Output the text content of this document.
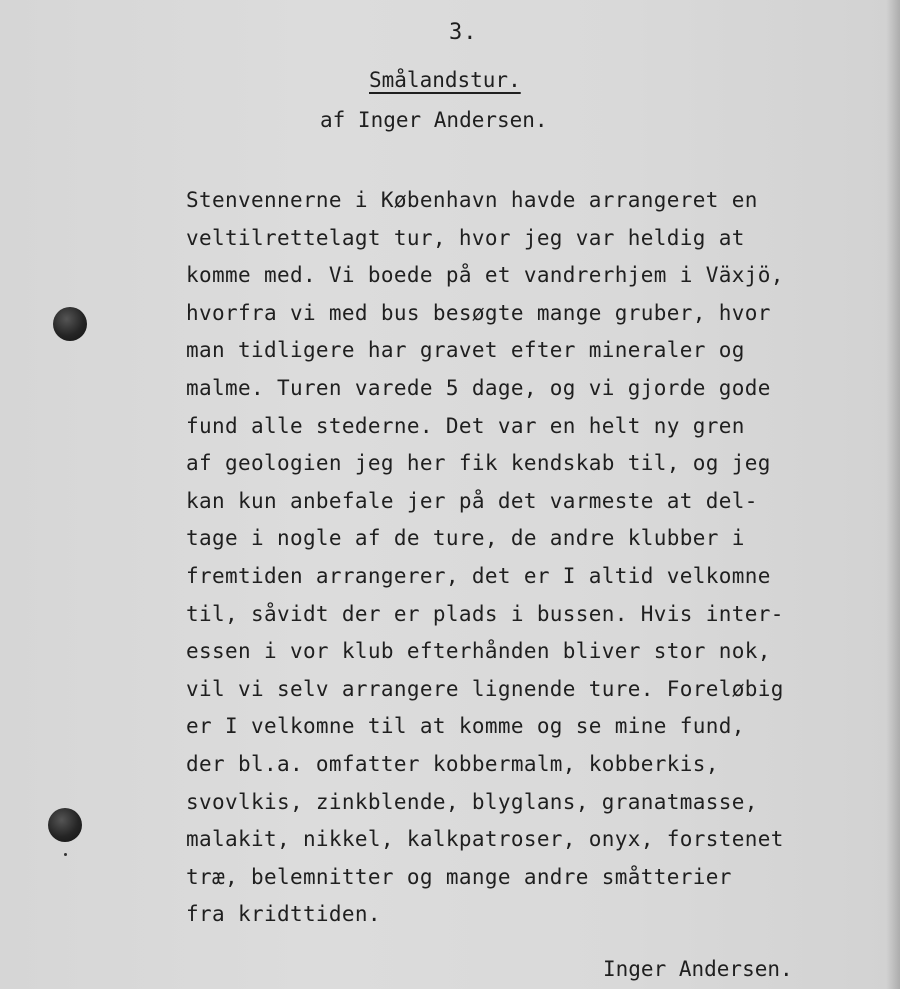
3.
Smålandstur.
af Inger Andersen.
Stenvennerne i København havde arrangeret en
veltilrettelagt tur, hvor jeg var heldig at
komme med. Vi boede på et vandrerhjem i Växjö,
hvorfra vi med bus besøgte mange gruber, hvor
man tidligere har gravet efter mineraler og
malme. Turen varede 5 dage, og vi gjorde gode
fund alle stederne. Det var en helt ny gren
af geologien jeg her fik kendskab til, og jeg
kan kun anbefale jer på det varmeste at del-
tage i nogle af de ture, de andre klubber i
fremtiden arrangerer, det er I altid velkomne
til, såvidt der er plads i bussen. Hvis inter-
essen i vor klub efterhånden bliver stor nok,
vil vi selv arrangere lignende ture. Foreløbig
er I velkomne til at komme og se mine fund,
der bl.a. omfatter kobbermalm, kobberkis,
svovlkis, zinkblende, blyglans, granatmasse,
malakit, nikkel, kalkpatroser, onyx, forstenet
træ, belemnitter og mange andre småtterier
fra kridttiden.
Inger Andersen.
